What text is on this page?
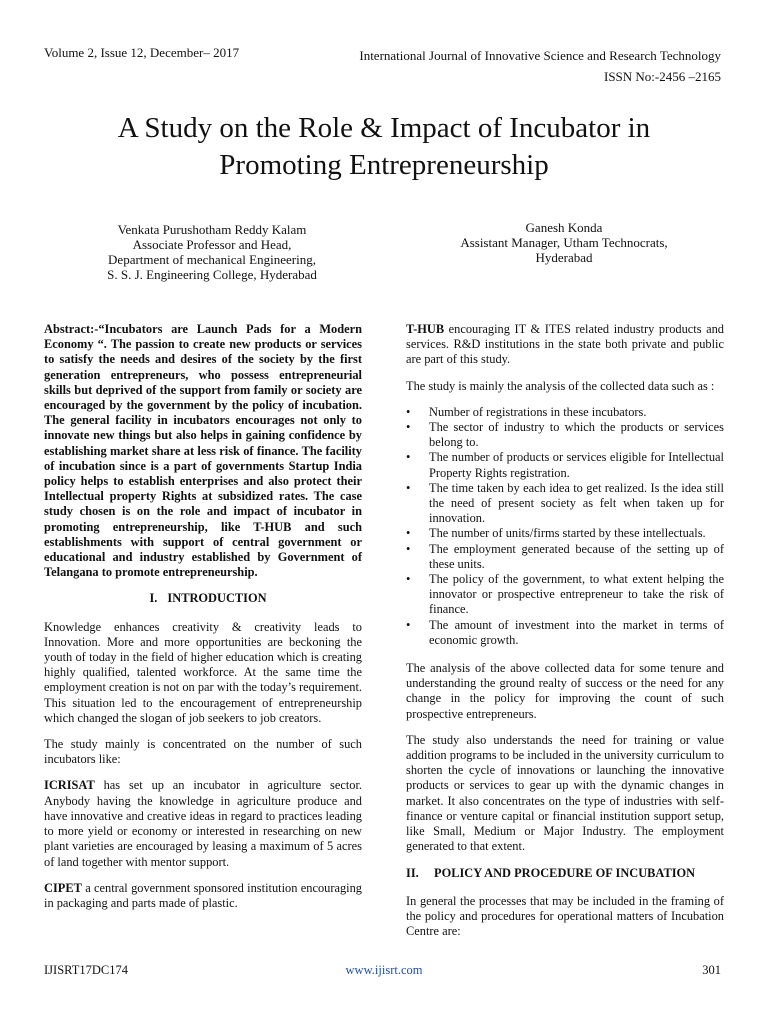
Volume 2, Issue 12, December– 2017	International Journal of Innovative Science and Research Technology
ISSN No:-2456 –2165
A Study on the Role & Impact of Incubator in
Promoting Entrepreneurship
Venkata Purushotham Reddy Kalam
Associate Professor and Head,
Department of mechanical Engineering,
S. S. J. Engineering College, Hyderabad
Ganesh Konda
Assistant Manager, Utham Technocrats,
Hyderabad

Abstract:-“Incubators are Launch Pads for a Modern Economy “. The passion to create new products or services to satisfy the needs and desires of the society by the first generation entrepreneurs, who possess entrepreneurial skills but deprived of the support from family or society are encouraged by the government by the policy of incubation. The general facility in incubators encourages not only to innovate new things but also helps in gaining confidence by establishing market share at less risk of finance. The facility of incubation since is a part of governments Startup India policy helps to establish enterprises and also protect their Intellectual property Rights at subsidized rates. The case study chosen is on the role and impact of incubator in promoting entrepreneurship, like T-HUB and such establishments with support of central government or educational and industry established by Government of Telangana to promote entrepreneurship.

I. INTRODUCTION

Knowledge enhances creativity & creativity leads to Innovation. More and more opportunities are beckoning the youth of today in the field of higher education which is creating highly qualified, talented workforce. At the same time the employment creation is not on par with the today’s requirement. This situation led to the encouragement of entrepreneurship which changed the slogan of job seekers to job creators.

The study mainly is concentrated on the number of such incubators like:

ICRISAT has set up an incubator in agriculture sector. Anybody having the knowledge in agriculture produce and have innovative and creative ideas in regard to practices leading to more yield or economy or interested in researching on new plant varieties are encouraged by leasing a maximum of 5 acres of land together with mentor support.

CIPET a central government sponsored institution encouraging in packaging and parts made of plastic.

T-HUB encouraging IT & ITES related industry products and services. R&D institutions in the state both private and public are part of this study.

The study is mainly the analysis of the collected data such as :

• Number of registrations in these incubators.
• The sector of industry to which the products or services belong to.
• The number of products or services eligible for Intellectual Property Rights registration.
• The time taken by each idea to get realized. Is the idea still the need of present society as felt when taken up for innovation.
• The number of units/firms started by these intellectuals.
• The employment generated because of the setting up of these units.
• The policy of the government, to what extent helping the innovator or prospective entrepreneur to take the risk of finance.
• The amount of investment into the market in terms of economic growth.

The analysis of the above collected data for some tenure and understanding the ground realty of success or the need for any change in the policy for improving the count of such prospective entrepreneurs.

The study also understands the need for training or value addition programs to be included in the university curriculum to shorten the cycle of innovations or launching the innovative products or services to gear up with the dynamic changes in market. It also concentrates on the type of industries with self-finance or venture capital or financial institution support setup, like Small, Medium or Major Industry. The employment generated to that extent.

II. POLICY AND PROCEDURE OF INCUBATION

In general the processes that may be included in the framing of the policy and procedures for operational matters of Incubation Centre are:

IJISRT17DC174	www.ijisrt.com	301
